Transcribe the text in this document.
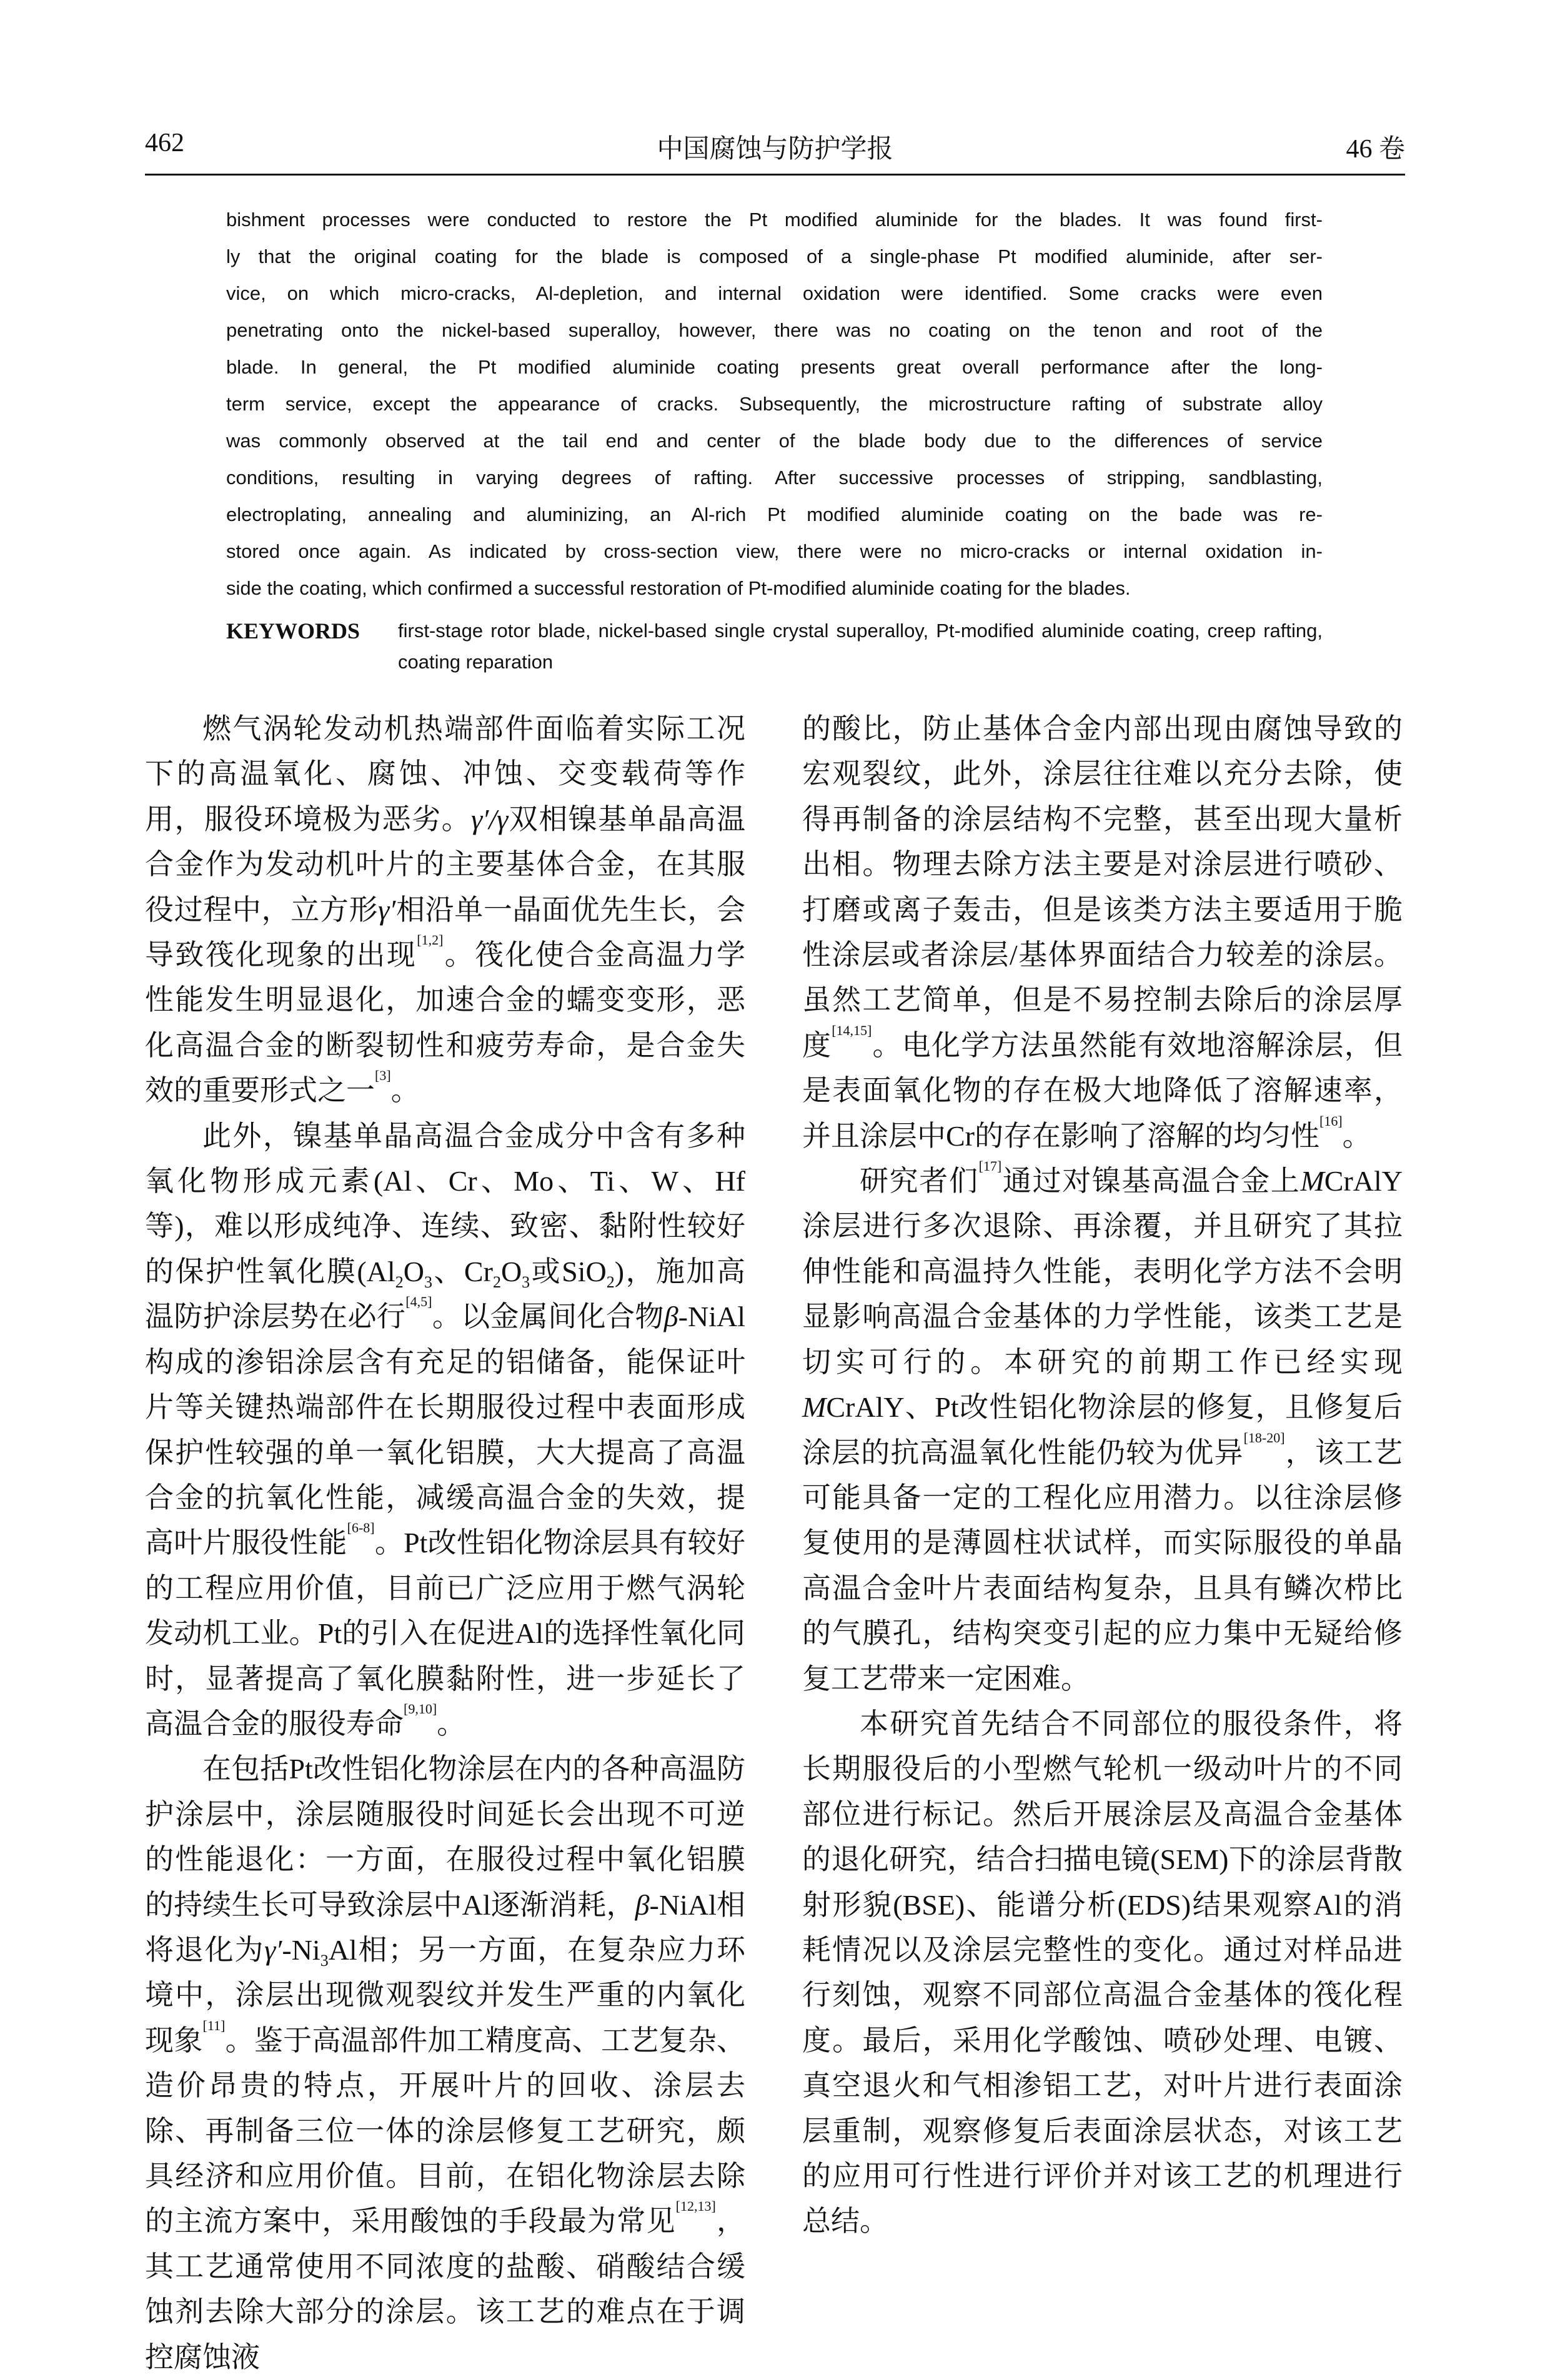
462	中国腐蚀与防护学报	46 卷
bishment processes were conducted to restore the Pt modified aluminide for the blades. It was found first-
ly that the original coating for the blade is composed of a single-phase Pt modified aluminide, after ser-
vice, on which micro-cracks, Al-depletion, and internal oxidation were identified. Some cracks were even
penetrating onto the nickel-based superalloy, however, there was no coating on the tenon and root of the
blade. In general, the Pt modified aluminide coating presents great overall performance after the long-
term service, except the appearance of cracks. Subsequently, the microstructure rafting of substrate alloy
was commonly observed at the tail end and center of the blade body due to the differences of service
conditions, resulting in varying degrees of rafting. After successive processes of stripping, sandblasting,
electroplating, annealing and aluminizing, an Al-rich Pt modified aluminide coating on the bade was re-
stored once again. As indicated by cross-section view, there were no micro-cracks or internal oxidation in-
side the coating, which confirmed a successful restoration of Pt-modified aluminide coating for the blades.
KEYWORDS first-stage rotor blade, nickel-based single crystal superalloy, Pt-modified aluminide coating, creep rafting, coating reparation

燃气涡轮发动机热端部件面临着实际工况下的高温氧化、腐蚀、冲蚀、交变载荷等作用，服役环境极为恶劣。γ′/γ双相镍基单晶高温合金作为发动机叶片的主要基体合金，在其服役过程中，立方形γ′相沿单一晶面优先生长，会导致筏化现象的出现[1,2]。筏化使合金高温力学性能发生明显退化，加速合金的蠕变变形，恶化高温合金的断裂韧性和疲劳寿命，是合金失效的重要形式之一[3]。

此外，镍基单晶高温合金成分中含有多种氧化物形成元素(Al、Cr、Mo、Ti、W、Hf等)，难以形成纯净、连续、致密、黏附性较好的保护性氧化膜($Al_2O_3$、$Cr_2O_3$或SiO$_2$)，施加高温防护涂层势在必行[4,5]。以金属间化合物β-NiAl构成的渗铝涂层含有充足的铝储备，能保证叶片等关键热端部件在长期服役过程中表面形成保护性较强的单一氧化铝膜，大大提高了高温合金的抗氧化性能，减缓高温合金的失效，提高叶片服役性能[6-8]。Pt改性铝化物涂层具有较好的工程应用价值，目前已广泛应用于燃气涡轮发动机工业。Pt的引入在促进Al的选择性氧化同时，显著提高了氧化膜黏附性，进一步延长了高温合金的服役寿命[9,10]。

在包括Pt改性铝化物涂层在内的各种高温防护涂层中，涂层随服役时间延长会出现不可逆的性能退化：一方面，在服役过程中氧化铝膜的持续生长可导致涂层中Al逐渐消耗，β-NiAl相将退化为$\gamma'-Ni_3Al$相；另一方面，在复杂应力环境中，涂层出现微观裂纹并发生严重的内氧化现象[11]。鉴于高温部件加工精度高、工艺复杂、造价昂贵的特点，开展叶片的回收、涂层去除、再制备三位一体的涂层修复工艺研究，颇具经济和应用价值。目前，在铝化物涂层去除的主流方案中，采用酸蚀的手段最为常见[12,13]，其工艺通常使用不同浓度的盐酸、硝酸结合缓蚀剂去除大部分的涂层。该工艺的难点在于调控腐蚀液

的酸比，防止基体合金内部出现由腐蚀导致的宏观裂纹，此外，涂层往往难以充分去除，使得再制备的涂层结构不完整，甚至出现大量析出相。物理去除方法主要是对涂层进行喷砂、打磨或离子轰击，但是该类方法主要适用于脆性涂层或者涂层/基体界面结合力较差的涂层。虽然工艺简单，但是不易控制去除后的涂层厚度[14,15]。电化学方法虽然能有效地溶解涂层，但是表面氧化物的存在极大地降低了溶解速率，并且涂层中Cr的存在影响了溶解的均匀性[16]。

研究者们[17]通过对镍基高温合金上MCrAlY涂层进行多次退除、再涂覆，并且研究了其拉伸性能和高温持久性能，表明化学方法不会明显影响高温合金基体的力学性能，该类工艺是切实可行的。本研究的前期工作已经实现MCrAlY、Pt改性铝化物涂层的修复，且修复后涂层的抗高温氧化性能仍较为优异[18-20]，该工艺可能具备一定的工程化应用潜力。以往涂层修复使用的是薄圆柱状试样，而实际服役的单晶高温合金叶片表面结构复杂，且具有鳞次栉比的气膜孔，结构突变引起的应力集中无疑给修复工艺带来一定困难。

本研究首先结合不同部位的服役条件，将长期服役后的小型燃气轮机一级动叶片的不同部位进行标记。然后开展涂层及高温合金基体的退化研究，结合扫描电镜(SEM)下的涂层背散射形貌(BSE)、能谱分析(EDS)结果观察Al的消耗情况以及涂层完整性的变化。通过对样品进行刻蚀，观察不同部位高温合金基体的筏化程度。最后，采用化学酸蚀、喷砂处理、电镀、真空退火和气相渗铝工艺，对叶片进行表面涂层重制，观察修复后表面涂层状态，对该工艺的应用可行性进行评价并对该工艺的机理进行总结。
